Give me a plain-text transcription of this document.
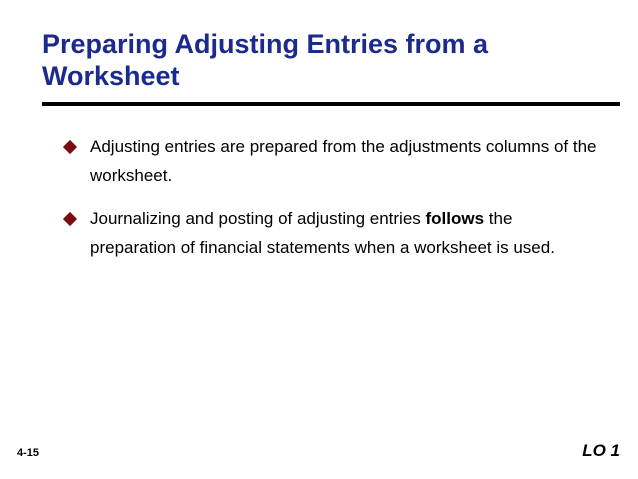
Preparing Adjusting Entries from a Worksheet
Adjusting entries are prepared from the adjustments columns of the worksheet.
Journalizing and posting of adjusting entries follows the preparation of financial statements when a worksheet is used.
4-15	LO 1
